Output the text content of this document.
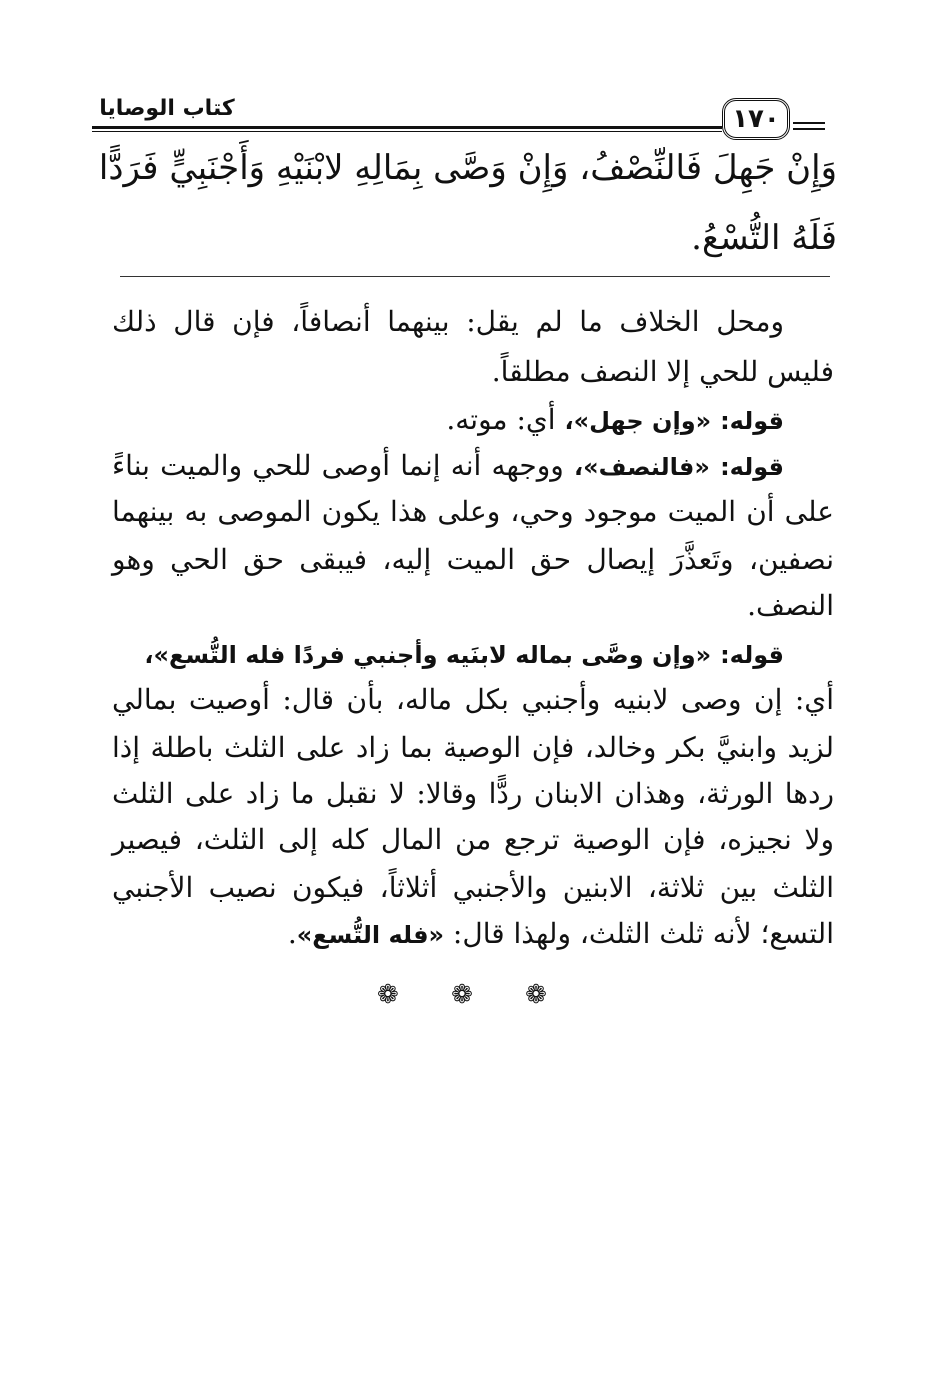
كتاب الوصايا	١٧٠
وَإِنْ جَهِلَ فَالنِّصْفُ، وَإِنْ وَصَّى بِمَالِهِ لابْنَيْهِ وَأَجْنَبِيٍّ فَرَدًّا
فَلَهُ التُّسْعُ.
ومحل الخلاف ما لم يقل: بينهما أنصافاً، فإن قال ذلك
فليس للحي إلا النصف مطلقاً.
قوله: «وإن جهل»، أي: موته.
قوله: «فالنصف»، ووجهه أنه إنما أوصى للحي والميت بناءً
على أن الميت موجود وحي، وعلى هذا يكون الموصى به بينهما
نصفين، وتَعذَّرَ إيصال حق الميت إليه، فيبقى حق الحي وهو
النصف.
قوله: «وإن وصَّى بماله لابنَيه وأجنبي فردًا فله التُّسع»،
أي: إن وصى لابنيه وأجنبي بكل ماله، بأن قال: أوصيت بمالي
لزيد وابنيَّ بكر وخالد، فإن الوصية بما زاد على الثلث باطلة إذا
ردها الورثة، وهذان الابنان ردًّا وقالا: لا نقبل ما زاد على الثلث
ولا نجيزه، فإن الوصية ترجع من المال كله إلى الثلث، فيصير
الثلث بين ثلاثة، الابنين والأجنبي أثلاثاً، فيكون نصيب الأجنبي
التسع؛ لأنه ثلث الثلث، ولهذا قال: «فله التُّسع».
❁ ❁ ❁
